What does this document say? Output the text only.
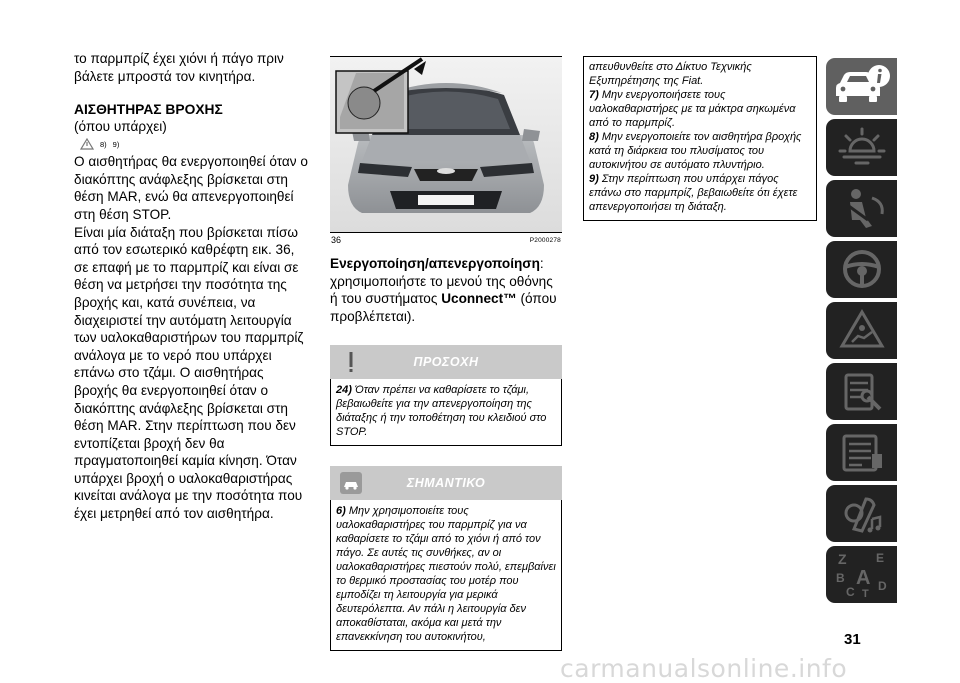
το παρμπρίζ έχει χιόνι ή πάγο πριν βάλετε μπροστά τον κινητήρα.

ΑΙΣΘΗΤΗΡΑΣ ΒΡΟΧΗΣ

(όπου υπάρχει)

8) 9)

Ο αισθητήρας θα ενεργοποιηθεί όταν ο διακόπτης ανάφλεξης βρίσκεται στη θέση MAR, ενώ θα απενεργοποιηθεί στη θέση STOP.

Είναι μία διάταξη που βρίσκεται πίσω από τον εσωτερικό καθρέφτη εικ. 36, σε επαφή με το παρμπρίζ και είναι σε θέση να μετρήσει την ποσότητα της βροχής και, κατά συνέπεια, να διαχειριστεί την αυτόματη λειτουργία των υαλοκαθαριστήρων του παρμπρίζ ανάλογα με το νερό που υπάρχει επάνω στο τζάμι. Ο αισθητήρας βροχής θα ενεργοποιηθεί όταν ο διακόπτης ανάφλεξης βρίσκεται στη θέση MAR. Στην περίπτωση που δεν εντοπίζεται βροχή δεν θα πραγματοποιηθεί καμία κίνηση. Όταν υπάρχει βροχή ο υαλοκαθαριστήρας κινείται ανάλογα με την ποσότητα που έχει μετρηθεί από τον αισθητήρα.

36	P2000278

Ενεργοποίηση/απενεργοποίηση:
χρησιμοποιήστε το μενού της οθόνης ή του συστήματος Uconnect™ (όπου προβλέπεται).

ΠΡΟΣΟΧΗ
24) Όταν πρέπει να καθαρίσετε το τζάμι, βεβαιωθείτε για την απενεργοποίηση της διάταξης ή την τοποθέτηση του κλειδιού στο STOP.
ΣΗΜΑΝΤΙΚΟ
6) Μην χρησιμοποιείτε τους υαλοκαθαριστήρες του παρμπρίζ για να καθαρίσετε το τζάμι από το χιόνι ή από τον πάγο. Σε αυτές τις συνθήκες, αν οι υαλοκαθαριστήρες πιεστούν πολύ, επεμβαίνει το θερμικό προστασίας του μοτέρ που εμποδίζει τη λειτουργία για μερικά δευτερόλεπτα. Αν πάλι η λειτουργία δεν αποκαθίσταται, ακόμα και μετά την επανεκκίνηση του αυτοκινήτου,
απευθυνθείτε στο Δίκτυο Τεχνικής Εξυπηρέτησης της Fiat.
7) Μην ενεργοποιήσετε τους υαλοκαθαριστήρες με τα μάκτρα σηκωμένα από το παρμπρίζ.
8) Μην ενεργοποιείτε τον αισθητήρα βροχής κατά τη διάρκεια του πλυσίματος του αυτοκινήτου σε αυτόματο πλυντήριο.
9) Στην περίπτωση που υπάρχει πάγος επάνω στο παρμπρίζ, βεβαιωθείτε ότι έχετε απενεργοποιήσει τη διάταξη.
Z E
B A
C T
D
31
carmanualsonline.info
